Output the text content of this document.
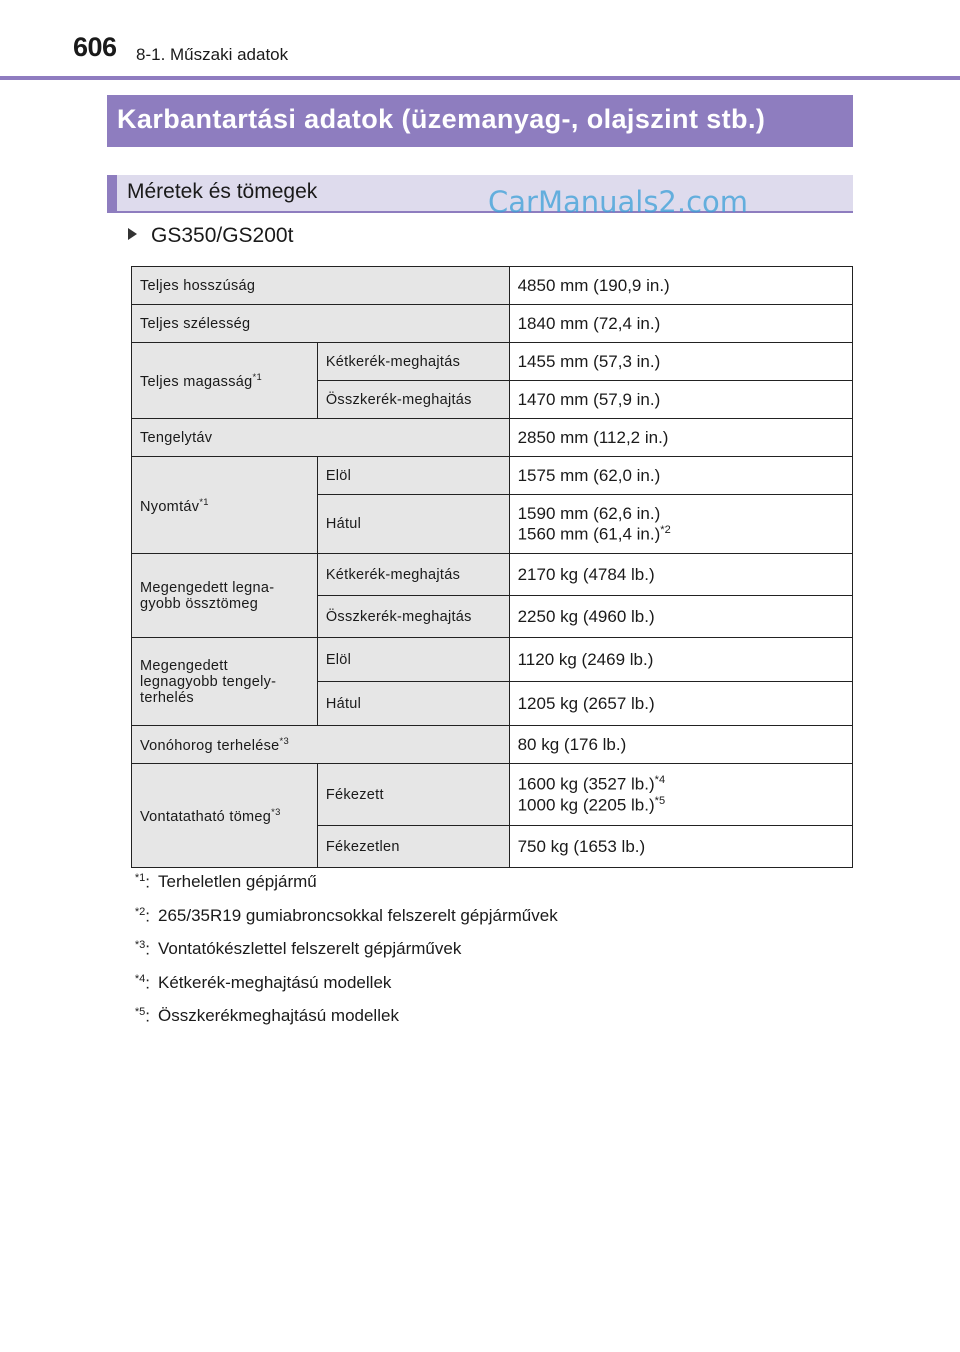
606 8-1. Műszaki adatok
Karbantartási adatok (üzemanyag-, olajszint stb.)
Méretek és tömegek	CarManuals2.com
GS350/GS200t
Teljes hosszúság		4850 mm (190,9 in.)
Teljes szélesség		1840 mm (72,4 in.)
Teljes magasság$^{*1}$	Kétkerék-meghajtás	1455 mm (57,3 in.)
	Összkerék-meghajtás	1470 mm (57,9 in.)
Tengelytáv		2850 mm (112,2 in.)
Nyomtáv$^{*1}$	Elöl	1575 mm (62,0 in.)
	Hátul	1590 mm (62,6 in.)
1560 mm (61,4 in.)$^{*2}$

Megengedett legna-gyobb össztömeg	Kétkerék-meghajtás	2170 kg (4784 lb.)
	Összkerék-meghajtás	2250 kg (4960 lb.)
Megengedett legnagyobb tengely-terhelés	Elöl	1120 kg (2469 lb.)
	Hátul	1205 kg (2657 lb.)
Vonóhorog terhelése$^{*3}$		80 kg (176 lb.)
Vontatatható tömeg$^{*3}$	Fékezett	1600 kg (3527 lb.)$^{*4}$
1000 kg (2205 lb.)$^{*5}$

	Fékezetlen	750 kg (1653 lb.)
$^{*1}$: Terheletlen gépjármű
$^{*2}$: 265/35R19 gumiabroncsokkal felszerelt gépjárművek
$^{*3}$: Vontatókészlettel felszerelt gépjárművek
$^{*4}$: Kétkerék-meghajtású modellek
$^{*5}$: Összkerékmeghajtású modellek
